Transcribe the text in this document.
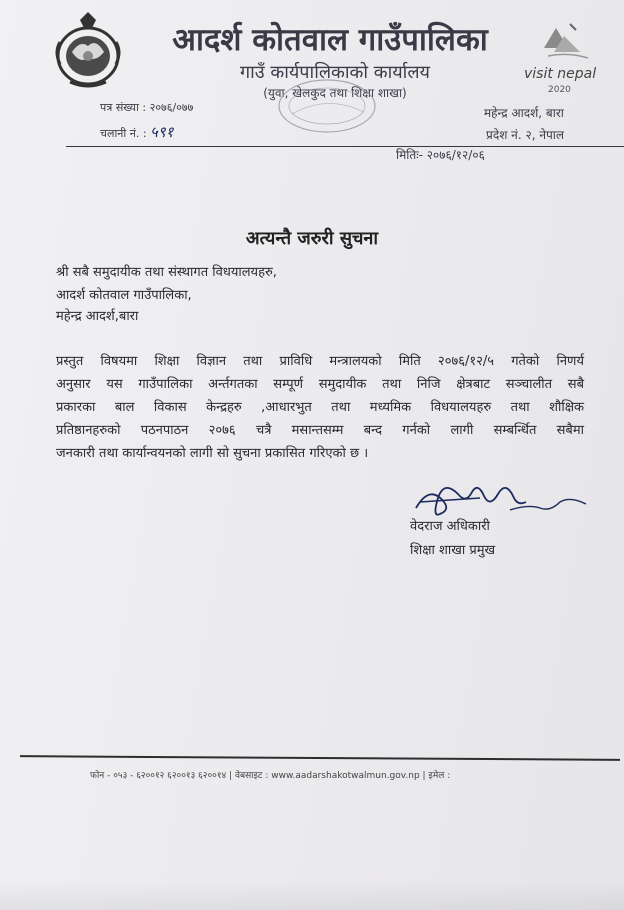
आदर्श कोतवाल गाउँपालिका
गाउँ कार्यपालिकाको कार्यालय
(युवा, खेलकुद तथा शिक्षा शाखा)
visit nepal
2020
पत्र संख्या : २०७६/०७७
चलानी नं. : ५९१
महेन्द्र आदर्श, बारा
प्रदेश नं. २, नेपाल
मितिः- २०७६/१२/०६
अत्यन्तै जरुरी सुचना
श्री सबै समुदायीक तथा संस्थागत विधयालयहरु,
आदर्श कोतवाल गाउँपालिका,
महेन्द्र आदर्श,बारा
प्रस्तुत विषयमा शिक्षा विज्ञान तथा प्राविधि मन्त्रालयको मिति २०७६/१२/५ गतेको निणर्य
अनुसार यस गाउँपालिका अर्न्तगतका सम्पूर्ण समुदायीक तथा निजि क्षेत्रबाट सञ्चालीत सबै
प्रकारका बाल विकास केन्द्रहरु ,आधारभुत तथा मध्यमिक विधयालयहरु तथा शौक्षिक
प्रतिष्ठानहरुको पठनपाठन २०७६ चत्रै मसान्तसम्म बन्द गर्नको लागी सम्बर्न्धित सबैमा
जनकारी तथा कार्यान्वयनको लागी सो सुचना प्रकासित गरिएको छ ।
वेदराज अधिकारी
शिक्षा शाखा प्रमुख
फोन - ०५३ - ६२००१२ ६२००१३ ६२००१४ | वेबसाइट : www.aadarshakotwalmun.gov.np | इमेल :
